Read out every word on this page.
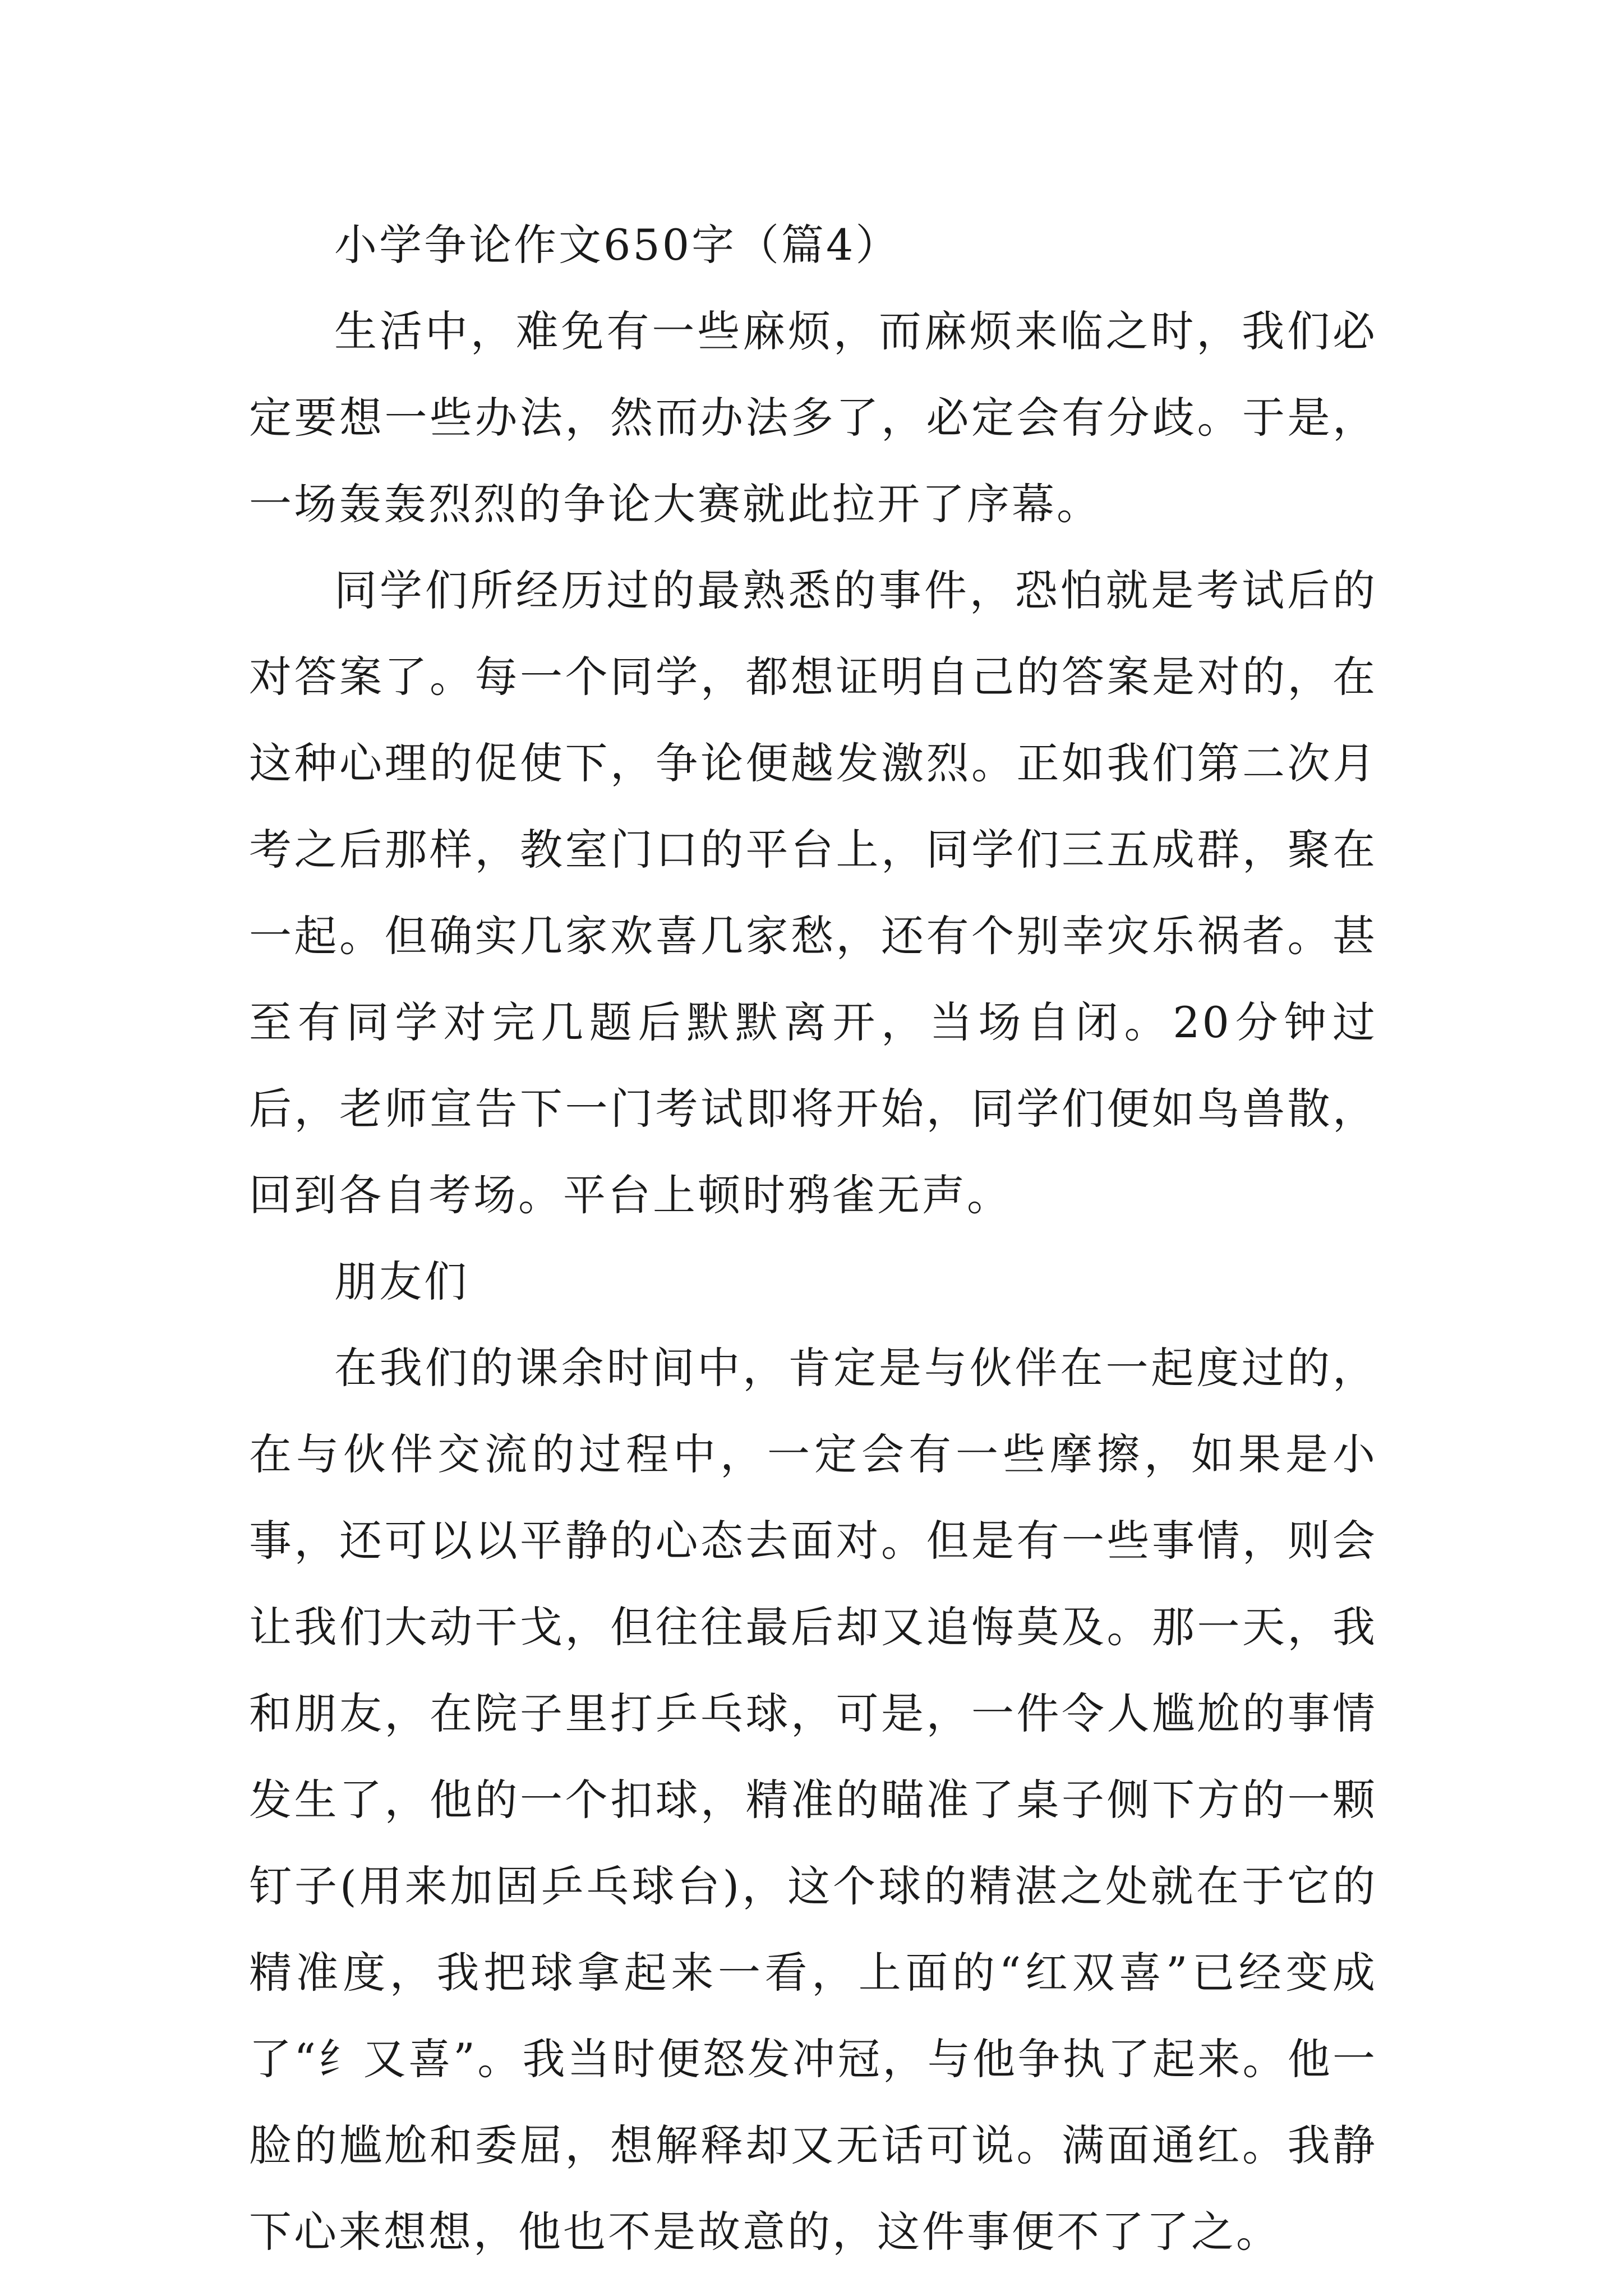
小学争论作文650字（篇4）

生活中，难免有一些麻烦，而麻烦来临之时，我们必定要想一些办法，然而办法多了，必定会有分歧。于是，一场轰轰烈烈的争论大赛就此拉开了序幕。

同学们所经历过的最熟悉的事件，恐怕就是考试后的对答案了。每一个同学，都想证明自己的答案是对的，在这种心理的促使下，争论便越发激烈。正如我们第二次月考之后那样，教室门口的平台上，同学们三五成群，聚在一起。但确实几家欢喜几家愁，还有个别幸灾乐祸者。甚至有同学对完几题后默默离开，当场自闭。20分钟过后，老师宣告下一门考试即将开始，同学们便如鸟兽散，回到各自考场。平台上顿时鸦雀无声。

朋友们

在我们的课余时间中，肯定是与伙伴在一起度过的，在与伙伴交流的过程中，一定会有一些摩擦，如果是小事，还可以以平静的心态去面对。但是有一些事情，则会让我们大动干戈，但往往最后却又追悔莫及。那一天，我和朋友，在院子里打乒乓球，可是，一件令人尴尬的事情发生了，他的一个扣球，精准的瞄准了桌子侧下方的一颗钉子(用来加固乒乓球台)，这个球的精湛之处就在于它的精准度，我把球拿起来一看，上面的“红双喜”已经变成了“纟又喜”。我当时便怒发冲冠，与他争执了起来。他一脸的尴尬和委屈，想解释却又无话可说。满面通红。我静下心来想想，他也不是故意的，这件事便不了了之。
